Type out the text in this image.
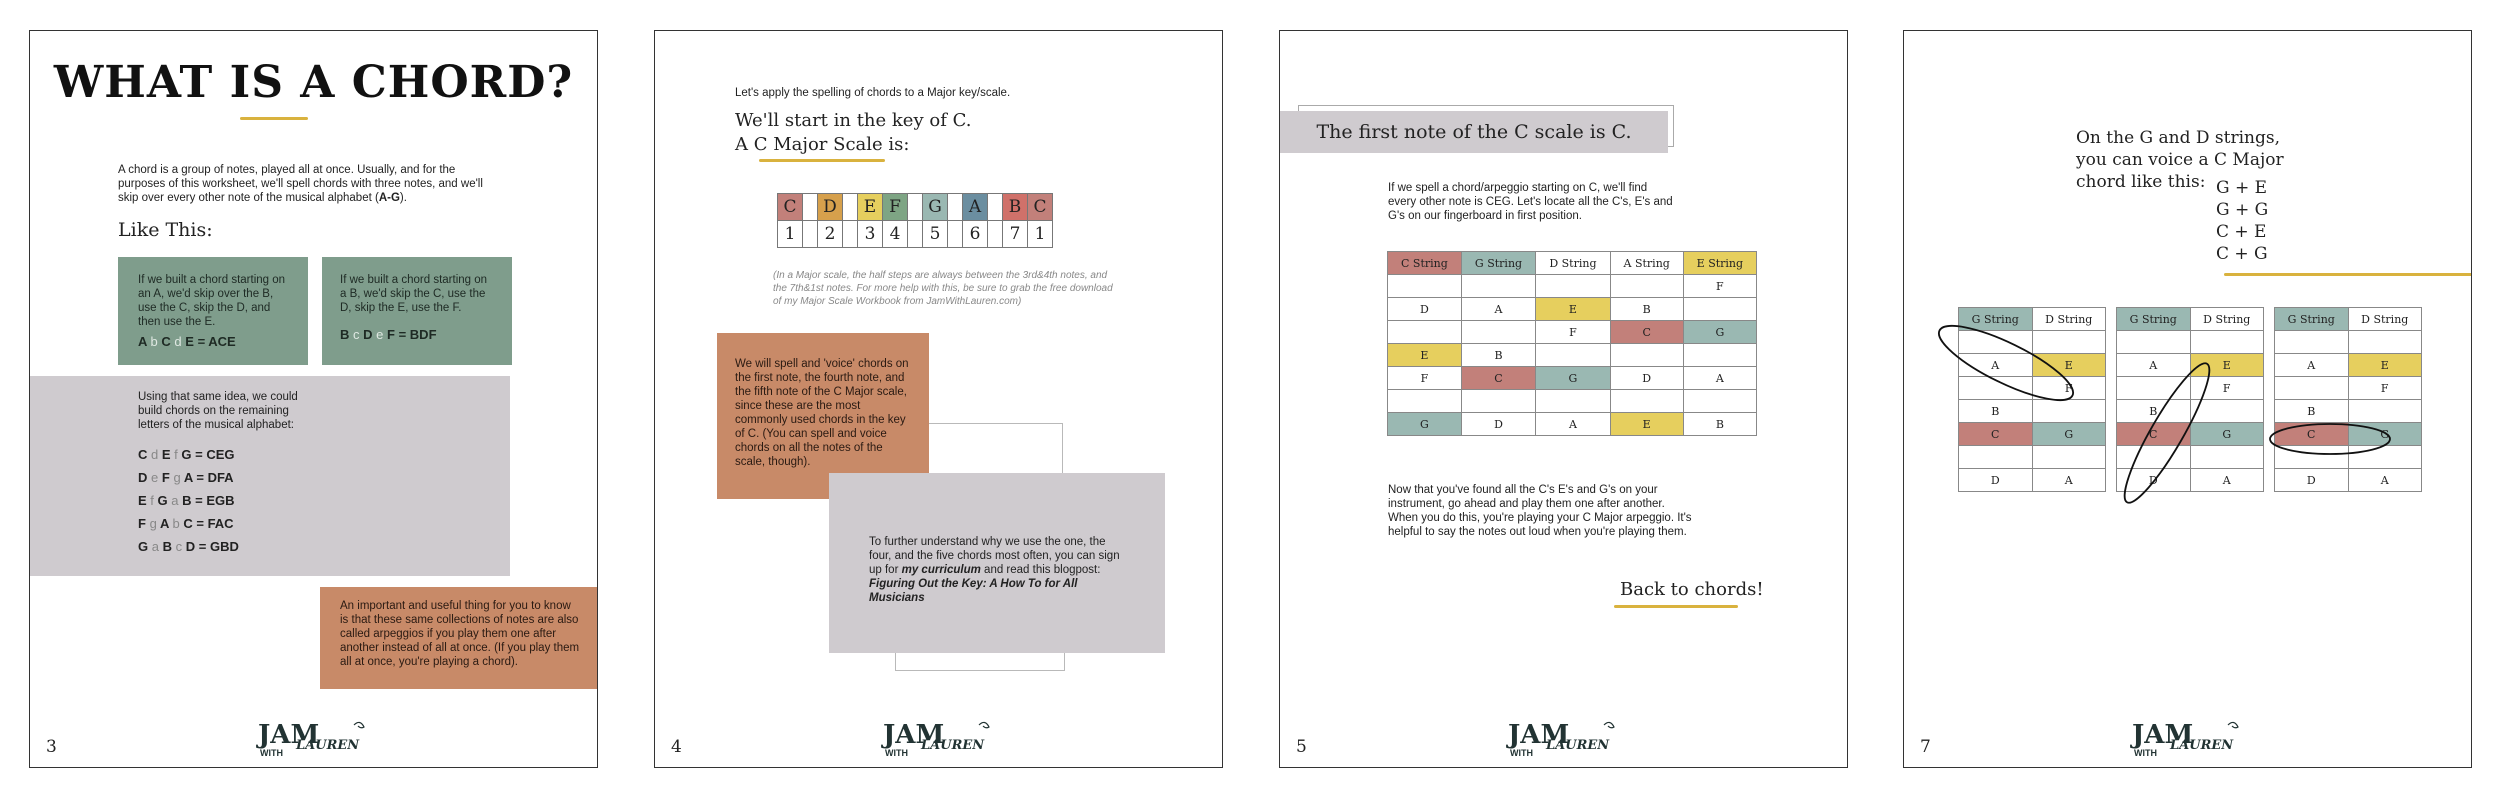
WHAT IS A CHORD?
A chord is a group of notes, played all at once. Usually, and for the purposes of this worksheet, we'll spell chords with three notes, and we'll skip over every other note of the musical alphabet (A-G).
Like This:
If we built a chord starting on an A, we'd skip over the B, use the C, skip the D, and then use the E.
A b C d E = ACE
If we built a chord starting on a B, we'd skip the C, use the D, skip the E, use the F.
B c D e F = BDF
Using that same idea, we could build chords on the remaining letters of the musical alphabet:
C d E f G = CEG
D e F g A = DFA
E f G a B = EGB
F g A b C = FAC
G a B c D = GBD
An important and useful thing for you to know is that these same collections of notes are also called arpeggios if you play them one after another instead of all at once. (If you play them all at once, you're playing a chord).
JAM
WITH LAUREN
3
Let's apply the spelling of chords to a Major key/scale.
We'll start in the key of C.
A C Major Scale is:
C		D		E	F		G		A		B	C
1		2		3	4		5		6		7	1
(In a Major scale, the half steps are always between the 3rd&4th notes, and the 7th&1st notes. For more help with this, be sure to grab the free download of my Major Scale Workbook from JamWithLauren.com)
We will spell and 'voice' chords on the first note, the fourth note, and the fifth note of the C Major scale, since these are the most commonly used chords in the key of C. (You can spell and voice chords on all the notes of the scale, though).
To further understand why we use the one, the four, and the five chords most often, you can sign up for my curriculum and read this blogpost:
Figuring Out the Key: A How To for All Musicians
JAM
WITH LAUREN
4
The first note of the C scale is C.
If we spell a chord/arpeggio starting on C, we'll find every other note is CEG. Let's locate all the C's, E's and G's on our fingerboard in first position.
C String	G String	D String	A String	E String
				F
D	A	E	B	
		F	C	G
E	B			
F	C	G	D	A

G	D	A	E	B
Now that you've found all the C's E's and G's on your instrument, go ahead and play them one after another. When you do this, you're playing your C Major arpeggio. It's helpful to say the notes out loud when you're playing them.
Back to chords!
JAM
WITH LAUREN
5
On the G and D strings,
you can voice a C Major
chord like this: G + E
G + G
C + E
C + G
G String	D String

A	E
	F
B	
C	G

D	A
G String	D String

A	E
	F
B	
C	G

D	A
G String	D String

A	E
	F
B	
C	G

D	A
JAM
WITH LAUREN
7
